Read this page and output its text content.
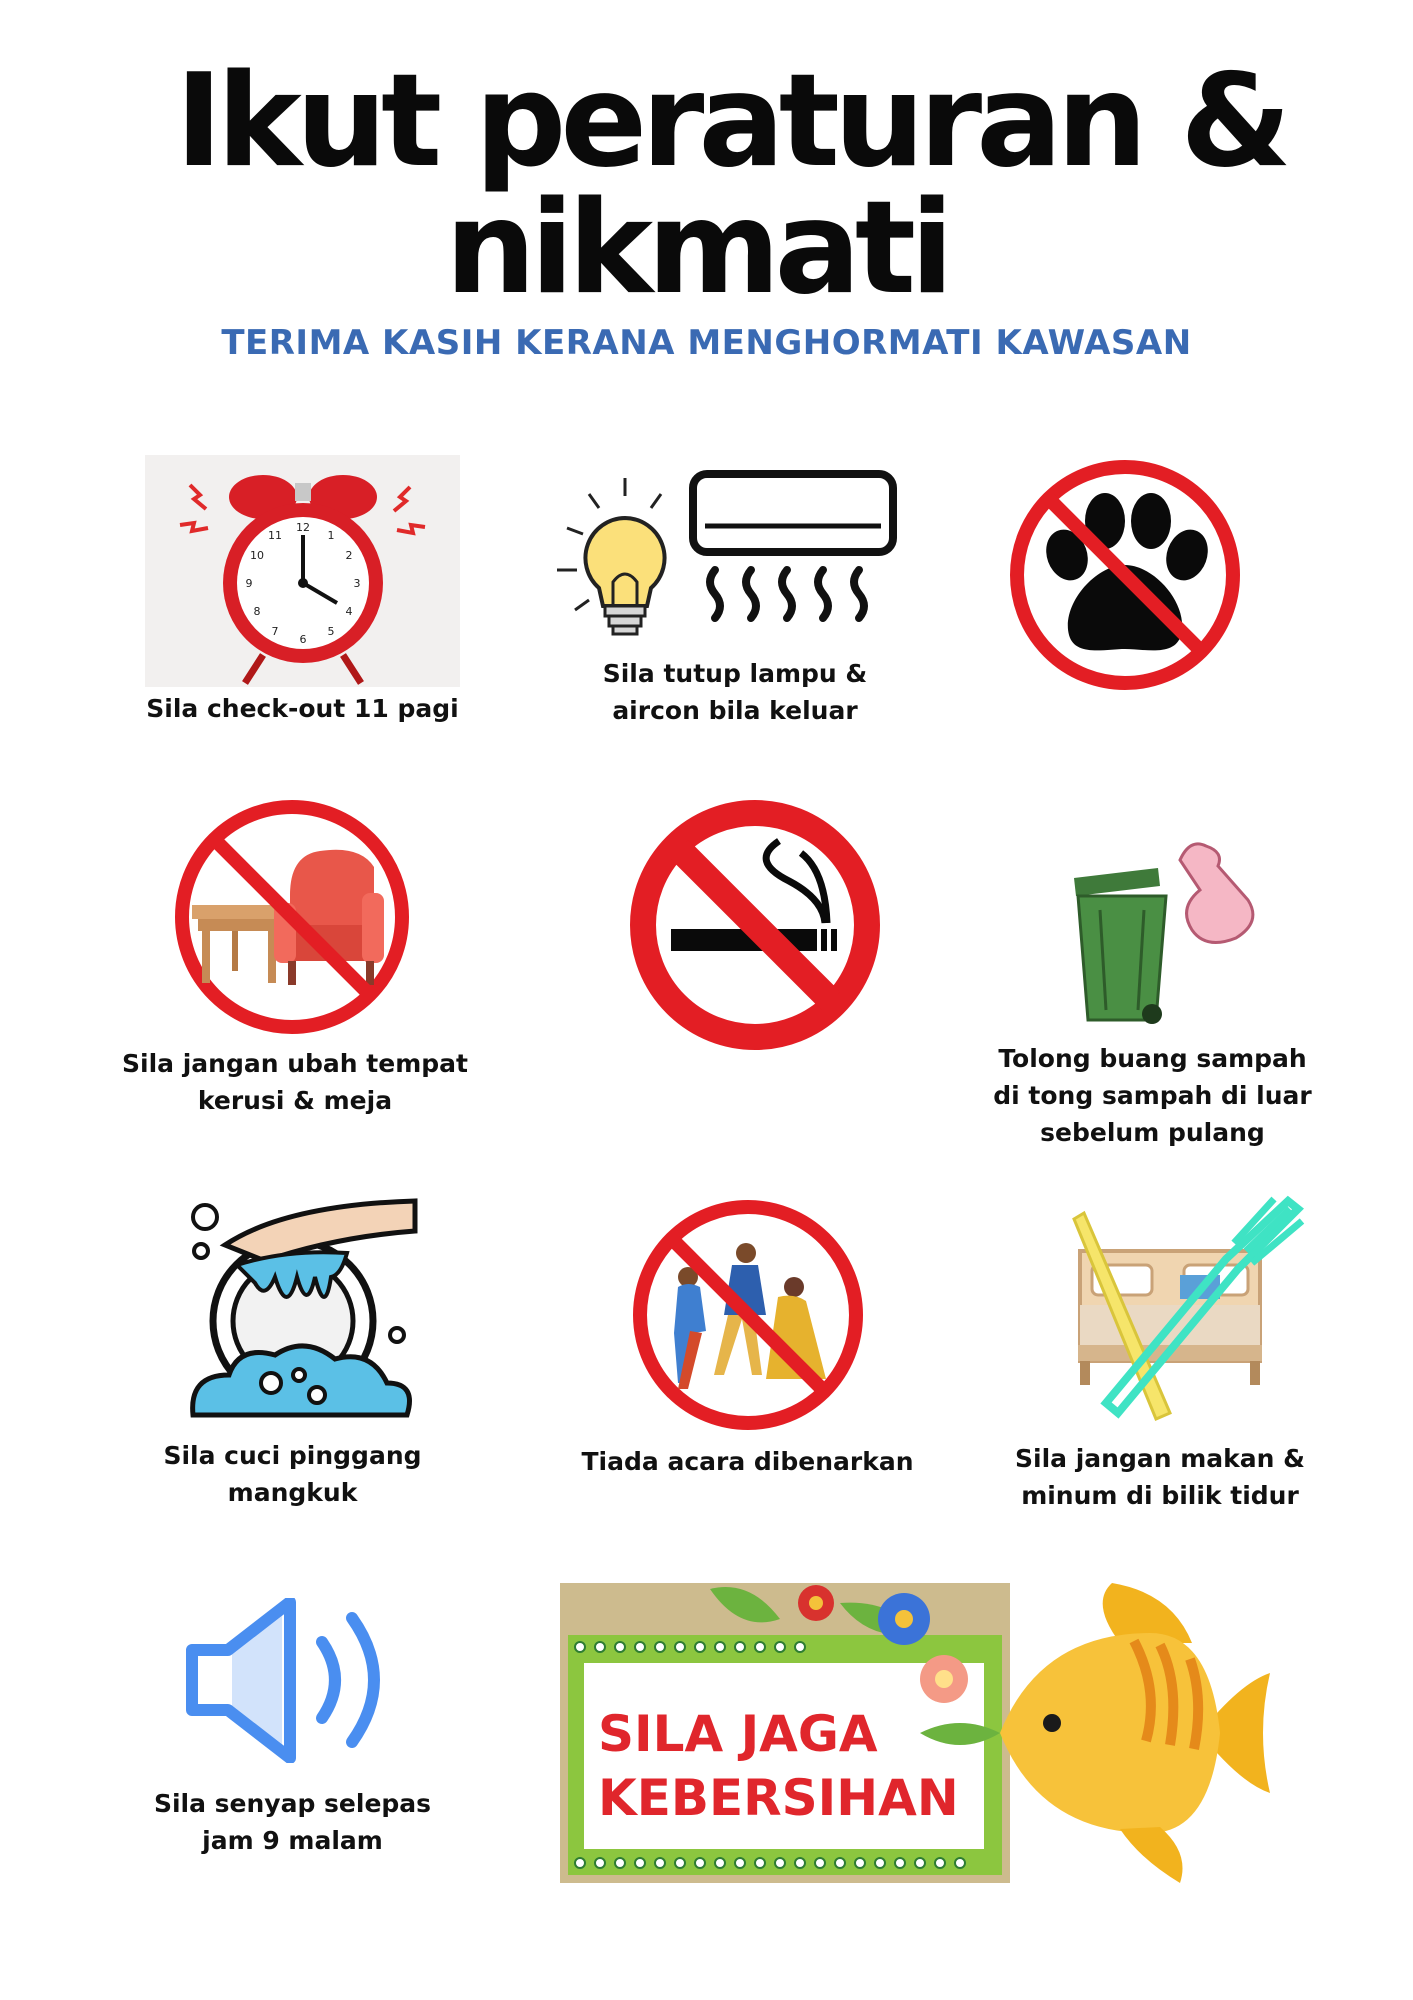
Ikut peraturan &
nikmati
TERIMA KASIH KERANA MENGHORMATI KAWASAN
12
1
2
3
4
5
6
7
8
9
10
11
Sila check-out 11 pagi
Sila tutup lampu &
aircon bila keluar
Sila jangan ubah tempat
kerusi & meja
Tolong buang sampah
di tong sampah di luar
sebelum pulang
Sila cuci pinggang
mangkuk
Tiada acara dibenarkan	Sila jangan makan &
minum di bilik tidur
Sila senyap selepas
jam 9 malam
SILA JAGA
KEBERSIHAN
